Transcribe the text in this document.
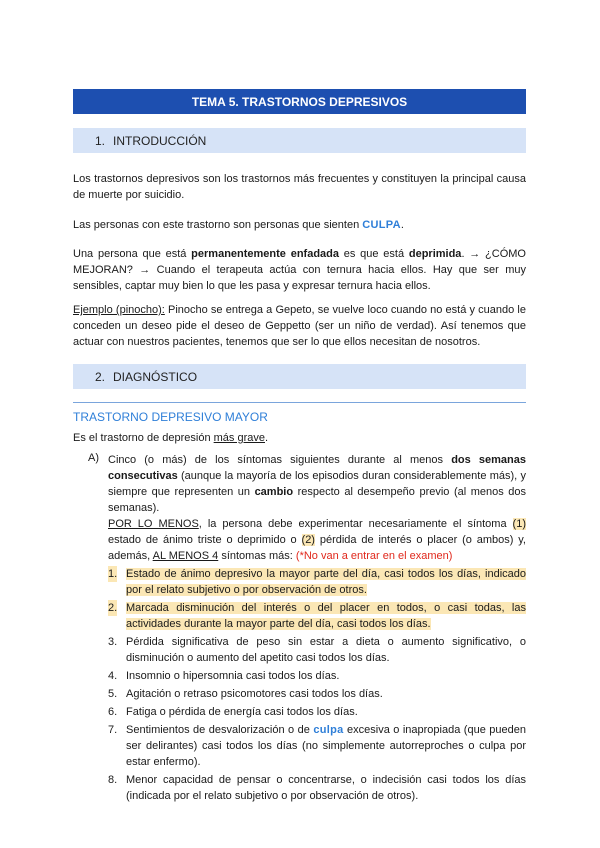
TEMA 5. TRASTORNOS DEPRESIVOS
1. INTRODUCCIÓN

Los trastornos depresivos son los trastornos más frecuentes y constituyen la principal causa de muerte por suicidio.

Las personas con este trastorno son personas que sienten CULPA.

Una persona que está permanentemente enfadada es que está deprimida. → ¿CÓMO MEJORAN? → Cuando el terapeuta actúa con ternura hacia ellos. Hay que ser muy sensibles, captar muy bien lo que les pasa y expresar ternura hacia ellos.

Ejemplo (pinocho): Pinocho se entrega a Gepeto, se vuelve loco cuando no está y cuando le conceden un deseo pide el deseo de Geppetto (ser un niño de verdad). Así tenemos que actuar con nuestros pacientes, tenemos que ser lo que ellos necesitan de nosotros.

2. DIAGNÓSTICO
TRASTORNO DEPRESIVO MAYOR

Es el trastorno de depresión más grave.

A) Cinco (o más) de los síntomas siguientes durante al menos dos semanas consecutivas (aunque la mayoría de los episodios duran considerablemente más), y siempre que representen un cambio respecto al desempeño previo (al menos dos semanas).

POR LO MENOS, la persona debe experimentar necesariamente el síntoma (1) estado de ánimo triste o deprimido o (2) pérdida de interés o placer (o ambos) y, además, AL MENOS 4 síntomas más: (*No van a entrar en el examen)

1. Estado de ánimo depresivo la mayor parte del día, casi todos los días, indicado por el relato subjetivo o por observación de otros.
2. Marcada disminución del interés o del placer en todos, o casi todas, las actividades durante la mayor parte del día, casi todos los días.
3. Pérdida significativa de peso sin estar a dieta o aumento significativo, o disminución o aumento del apetito casi todos los días.
4. Insomnio o hipersomnia casi todos los días.
5. Agitación o retraso psicomotores casi todos los días.
6. Fatiga o pérdida de energía casi todos los días.
7. Sentimientos de desvalorización o de culpa excesiva o inapropiada (que pueden ser delirantes) casi todos los días (no simplemente autorreproches o culpa por estar enfermo).
8. Menor capacidad de pensar o concentrarse, o indecisión casi todos los días (indicada por el relato subjetivo o por observación de otros).
